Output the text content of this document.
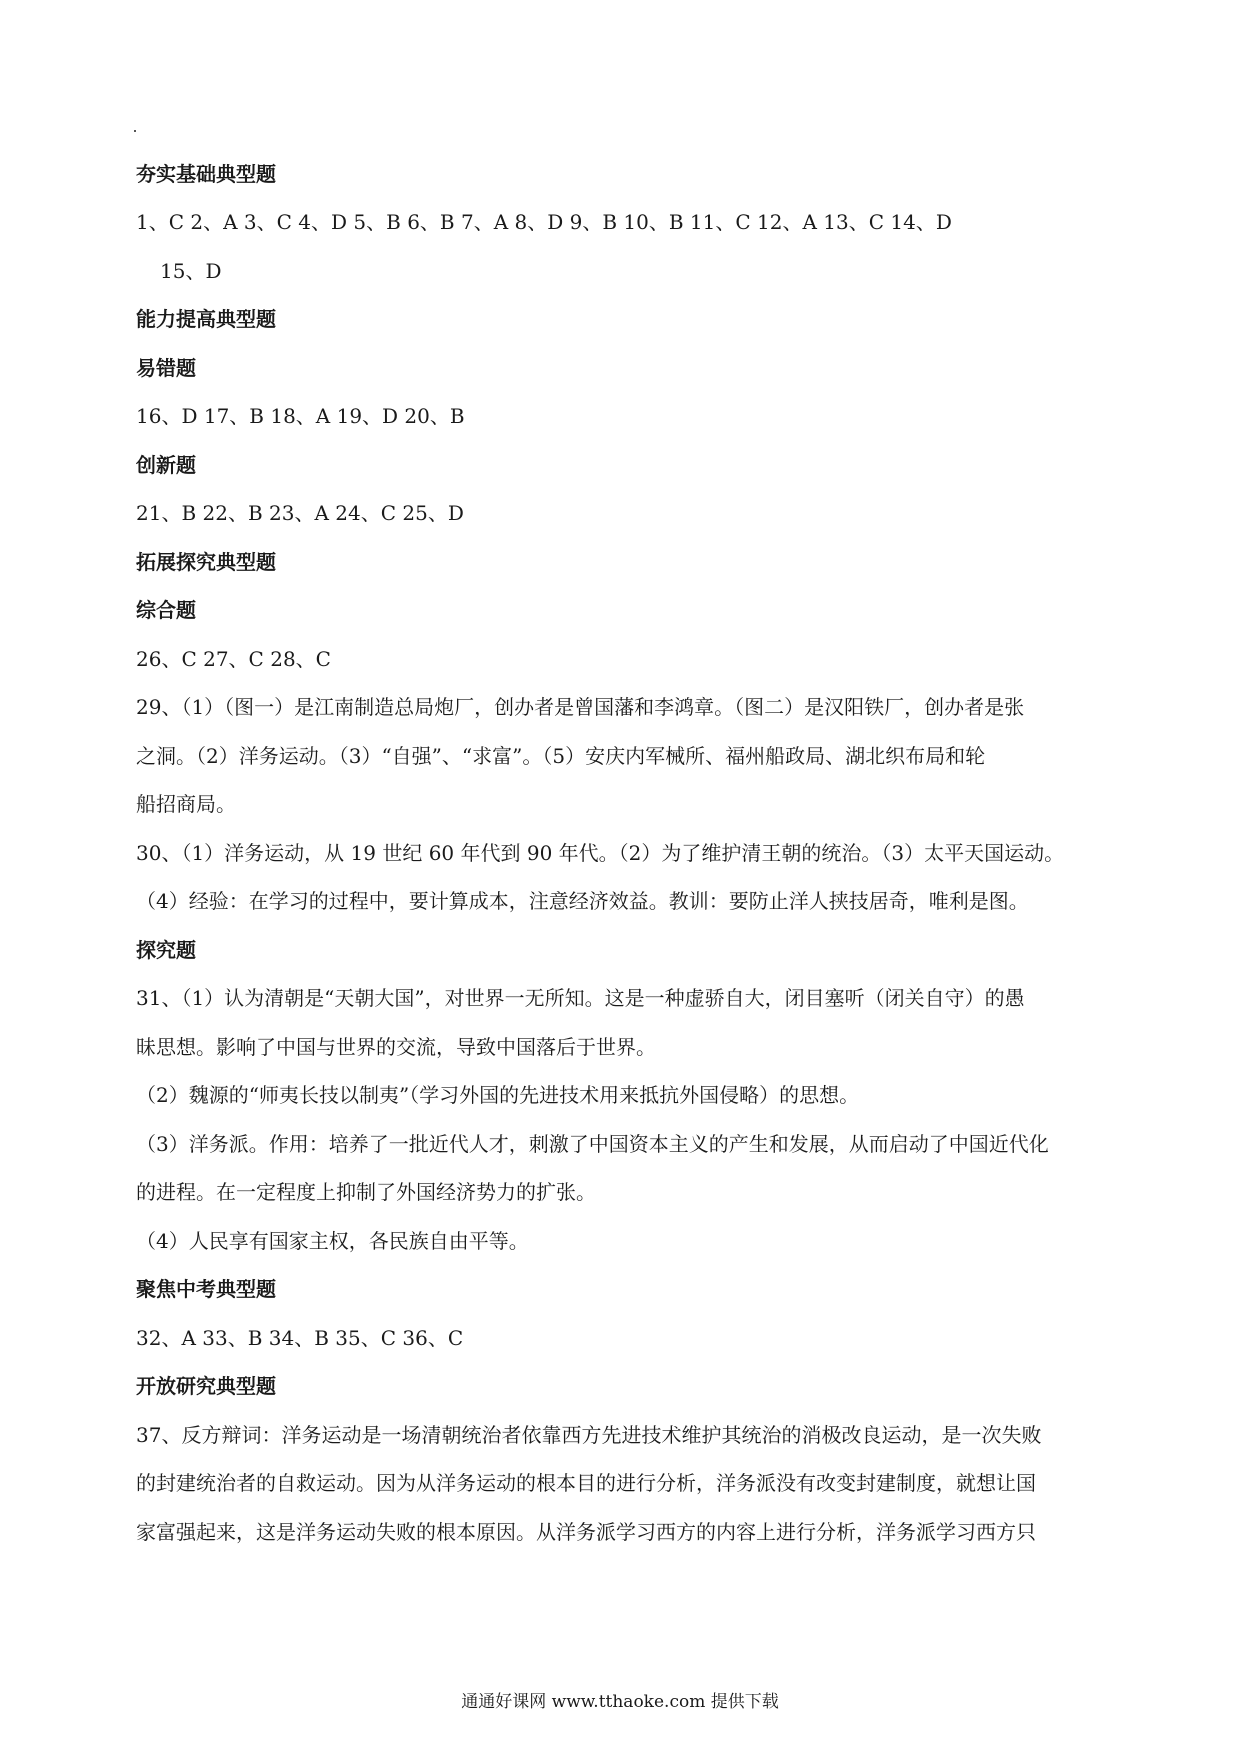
夯实基础典型题
1、C 2、A 3、C 4、D 5、B 6、B 7、A 8、D 9、B 10、B 11、C 12、A 13、C 14、D
15、D
能力提高典型题
易错题
16、D 17、B 18、A 19、D 20、B
创新题
21、B 22、B 23、A 24、C 25、D
拓展探究典型题
综合题
26、C 27、C 28、C
29、（1）（图一）是江南制造总局炮厂，创办者是曾国藩和李鸿章。（图二）是汉阳铁厂，创办者是张
之洞。（2）洋务运动。（3）“自强”、“求富”。（5）安庆内军械所、福州船政局、湖北织布局和轮
船招商局。
30、（1）洋务运动，从 19 世纪 60 年代到 90 年代。（2）为了维护清王朝的统治。（3）太平天国运动。
（4）经验：在学习的过程中，要计算成本，注意经济效益。教训：要防止洋人挟技居奇，唯利是图。
探究题
31、（1）认为清朝是“天朝大国”，对世界一无所知。这是一种虚骄自大，闭目塞听（闭关自守）的愚
昧思想。影响了中国与世界的交流，导致中国落后于世界。
（2）魏源的“师夷长技以制夷”（学习外国的先进技术用来抵抗外国侵略）的思想。
（3）洋务派。作用：培养了一批近代人才，刺激了中国资本主义的产生和发展，从而启动了中国近代化
的进程。在一定程度上抑制了外国经济势力的扩张。
（4）人民享有国家主权，各民族自由平等。
聚焦中考典型题
32、A 33、B 34、B 35、C 36、C
开放研究典型题
37、反方辩词：洋务运动是一场清朝统治者依靠西方先进技术维护其统治的消极改良运动，是一次失败
的封建统治者的自救运动。因为从洋务运动的根本目的进行分析，洋务派没有改变封建制度，就想让国
家富强起来，这是洋务运动失败的根本原因。从洋务派学习西方的内容上进行分析，洋务派学习西方只
通通好课网 www.tthaoke.com 提供下载
